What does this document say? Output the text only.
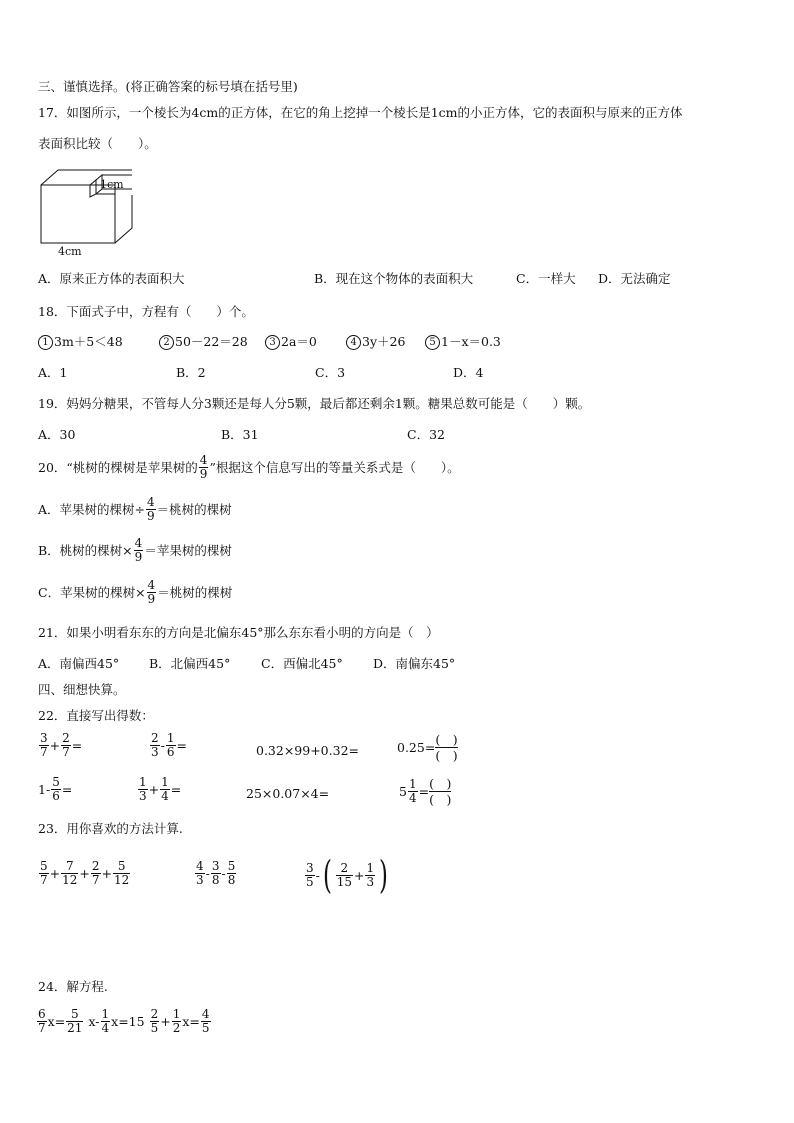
三、谨慎选择。(将正确答案的标号填在括号里)
17．如图所示，一个棱长为4cm的正方体，在它的角上挖掉一个棱长是1cm的小正方体，它的表面积与原来的正方体
表面积比较（　　）。
1cm
4cm
A．原来正方体的表面积大	B．现在这个物体的表面积大	C．一样大 D．无法确定
18．下面式子中，方程有（　　）个。
1 3m＋5＜48	2 50－22＝28	3 2a＝0	4 3y＋26	5 1－x＝0.3
A．1	B．2	C．3	D．4
19．妈妈分糖果，不管每人分3颗还是每人分5颗，最后都还剩余1颗。糖果总数可能是（　　）颗。
A．30	B．31	C．32
20．“桃树的棵树是苹果树的 $\frac{4}{9}$ ”根据这个信息写出的等量关系式是（　　）。
A．苹果树的棵树÷ $\frac{4}{9}$ ＝桃树的棵树
B．桃树的棵树× $\frac{4}{9}$ ＝苹果树的棵树
C．苹果树的棵树× $\frac{4}{9}$ ＝桃树的棵树
21．如果小明看东东的方向是北偏东45°那么东东看小明的方向是（　）
A．南偏西45° B．北偏西45° C．西偏北45° D．南偏东45°
四、细想快算。
22．直接写出得数：
$\frac{3}{7} + \frac{2}{7}$ =	$\frac{2}{3} - \frac{1}{6}$ =	0.32×99+0.32=	$0.25= \frac{( )}{( )}$
$1- \frac{5}{6}$ =	$\frac{1}{3} + \frac{1}{4}$ =	25×0.07×4=	$5 \frac{1}{4} = \frac{( )}{( )}$
23．用你喜欢的方法计算.
$\frac{5}{7} + \frac{7}{12} + \frac{2}{7} + \frac{5}{12}$	$\frac{4}{3} - \frac{3}{8} - \frac{5}{8}$	$\frac{3}{5}$ - ( $\frac{2}{15} + \frac{1}{3}$ )
24．解方程.
$\frac{6}{7} x= \frac{5}{21} x- \frac{1}{4} x=15 \frac{2}{5} + \frac{1}{2} x= \frac{4}{5}$
